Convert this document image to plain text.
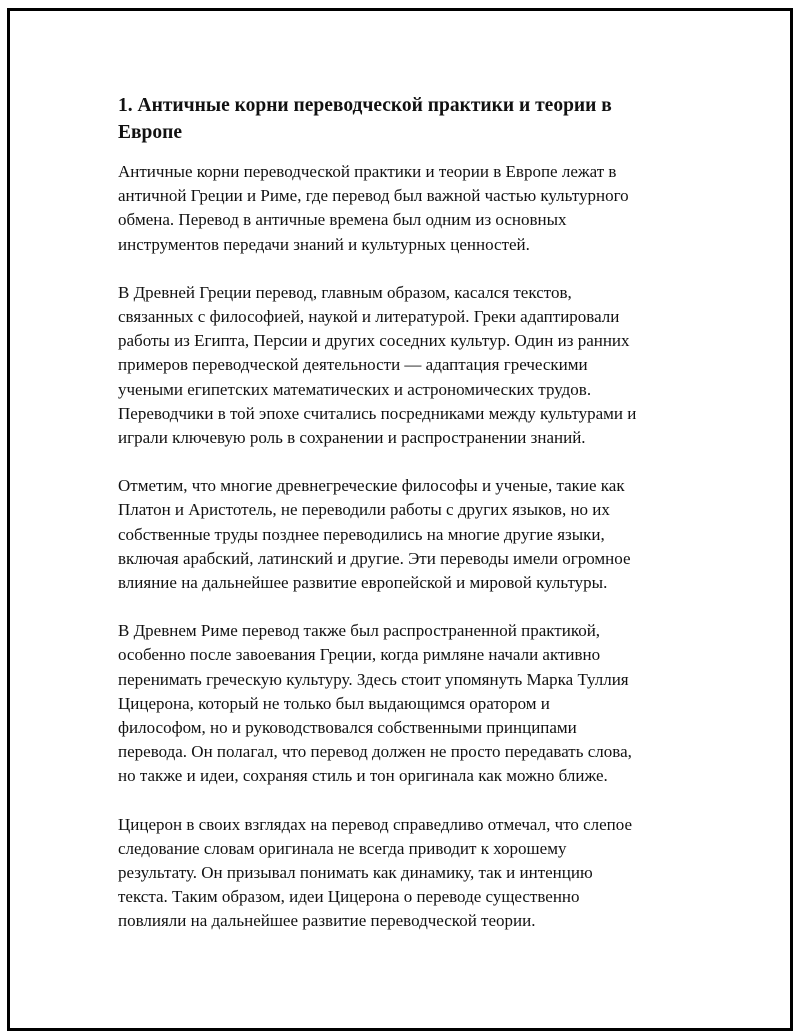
1. Античные корни переводческой практики и теории в
Европе

Античные корни переводческой практики и теории в Европе лежат в
античной Греции и Риме, где перевод был важной частью культурного
обмена. Перевод в античные времена был одним из основных
инструментов передачи знаний и культурных ценностей.

В Древней Греции перевод, главным образом, касался текстов,
связанных с философией, наукой и литературой. Греки адаптировали
работы из Египта, Персии и других соседних культур. Один из ранних
примеров переводческой деятельности — адаптация греческими
учеными египетских математических и астрономических трудов.
Переводчики в той эпохе считались посредниками между культурами и
играли ключевую роль в сохранении и распространении знаний.

Отметим, что многие древнегреческие философы и ученые, такие как
Платон и Аристотель, не переводили работы с других языков, но их
собственные труды позднее переводились на многие другие языки,
включая арабский, латинский и другие. Эти переводы имели огромное
влияние на дальнейшее развитие европейской и мировой культуры.

В Древнем Риме перевод также был распространенной практикой,
особенно после завоевания Греции, когда римляне начали активно
перенимать греческую культуру. Здесь стоит упомянуть Марка Туллия
Цицерона, который не только был выдающимся оратором и
философом, но и руководствовался собственными принципами
перевода. Он полагал, что перевод должен не просто передавать слова,
но также и идеи, сохраняя стиль и тон оригинала как можно ближе.

Цицерон в своих взглядах на перевод справедливо отмечал, что слепое
следование словам оригинала не всегда приводит к хорошему
результату. Он призывал понимать как динамику, так и интенцию
текста. Таким образом, идеи Цицерона о переводе существенно
повлияли на дальнейшее развитие переводческой теории.
